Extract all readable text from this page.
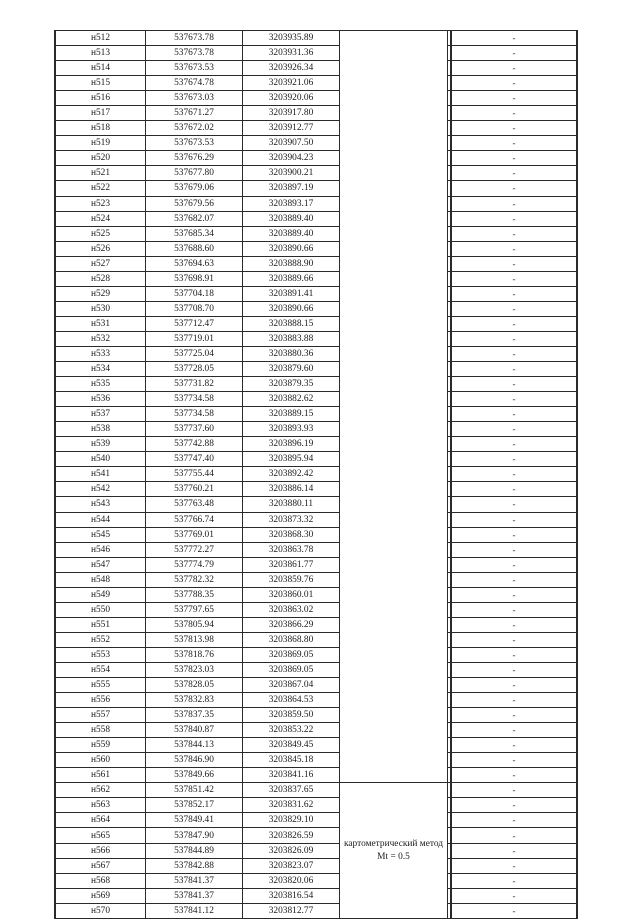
н512	537673.78	3203935.89			-
н513	537673.78	3203931.36			-
н514	537673.53	3203926.34			-
н515	537674.78	3203921.06			-
н516	537673.03	3203920.06			-
н517	537671.27	3203917.80			-
н518	537672.02	3203912.77			-
н519	537673.53	3203907.50			-
н520	537676.29	3203904.23			-
н521	537677.80	3203900.21			-
н522	537679.06	3203897.19			-
н523	537679.56	3203893.17			-
н524	537682.07	3203889.40			-
н525	537685.34	3203889.40			-
н526	537688.60	3203890.66			-
н527	537694.63	3203888.90			-
н528	537698.91	3203889.66			-
н529	537704.18	3203891.41			-
н530	537708.70	3203890.66			-
н531	537712.47	3203888.15			-
н532	537719.01	3203883.88			-
н533	537725.04	3203880.36			-
н534	537728.05	3203879.60			-
н535	537731.82	3203879.35			-
н536	537734.58	3203882.62			-
н537	537734.58	3203889.15			-
н538	537737.60	3203893.93			-
н539	537742.88	3203896.19			-
н540	537747.40	3203895.94			-
н541	537755.44	3203892.42			-
н542	537760.21	3203886.14			-
н543	537763.48	3203880.11			-
н544	537766.74	3203873.32			-
н545	537769.01	3203868.30			-
н546	537772.27	3203863.78			-
н547	537774.79	3203861.77			-
н548	537782.32	3203859.76			-
н549	537788.35	3203860.01			-
н550	537797.65	3203863.02			-
н551	537805.94	3203866.29			-
н552	537813.98	3203868.80			-
н553	537818.76	3203869.05			-
н554	537823.03	3203869.05			-
н555	537828.05	3203867.04			-
н556	537832.83	3203864.53			-
н557	537837.35	3203859.50			-
н558	537840.87	3203853.22			-
н559	537844.13	3203849.45			-
н560	537846.90	3203845.18			-
н561	537849.66	3203841.16			-
н562	537851.42	3203837.65	картометрический метод Mt = 0.5		-
н563	537852.17	3203831.62			-
н564	537849.41	3203829.10			-
н565	537847.90	3203826.59			-
н566	537844.89	3203826.09			-
н567	537842.88	3203823.07			-
н568	537841.37	3203820.06			-
н569	537841.37	3203816.54			-
н570	537841.12	3203812.77			-
